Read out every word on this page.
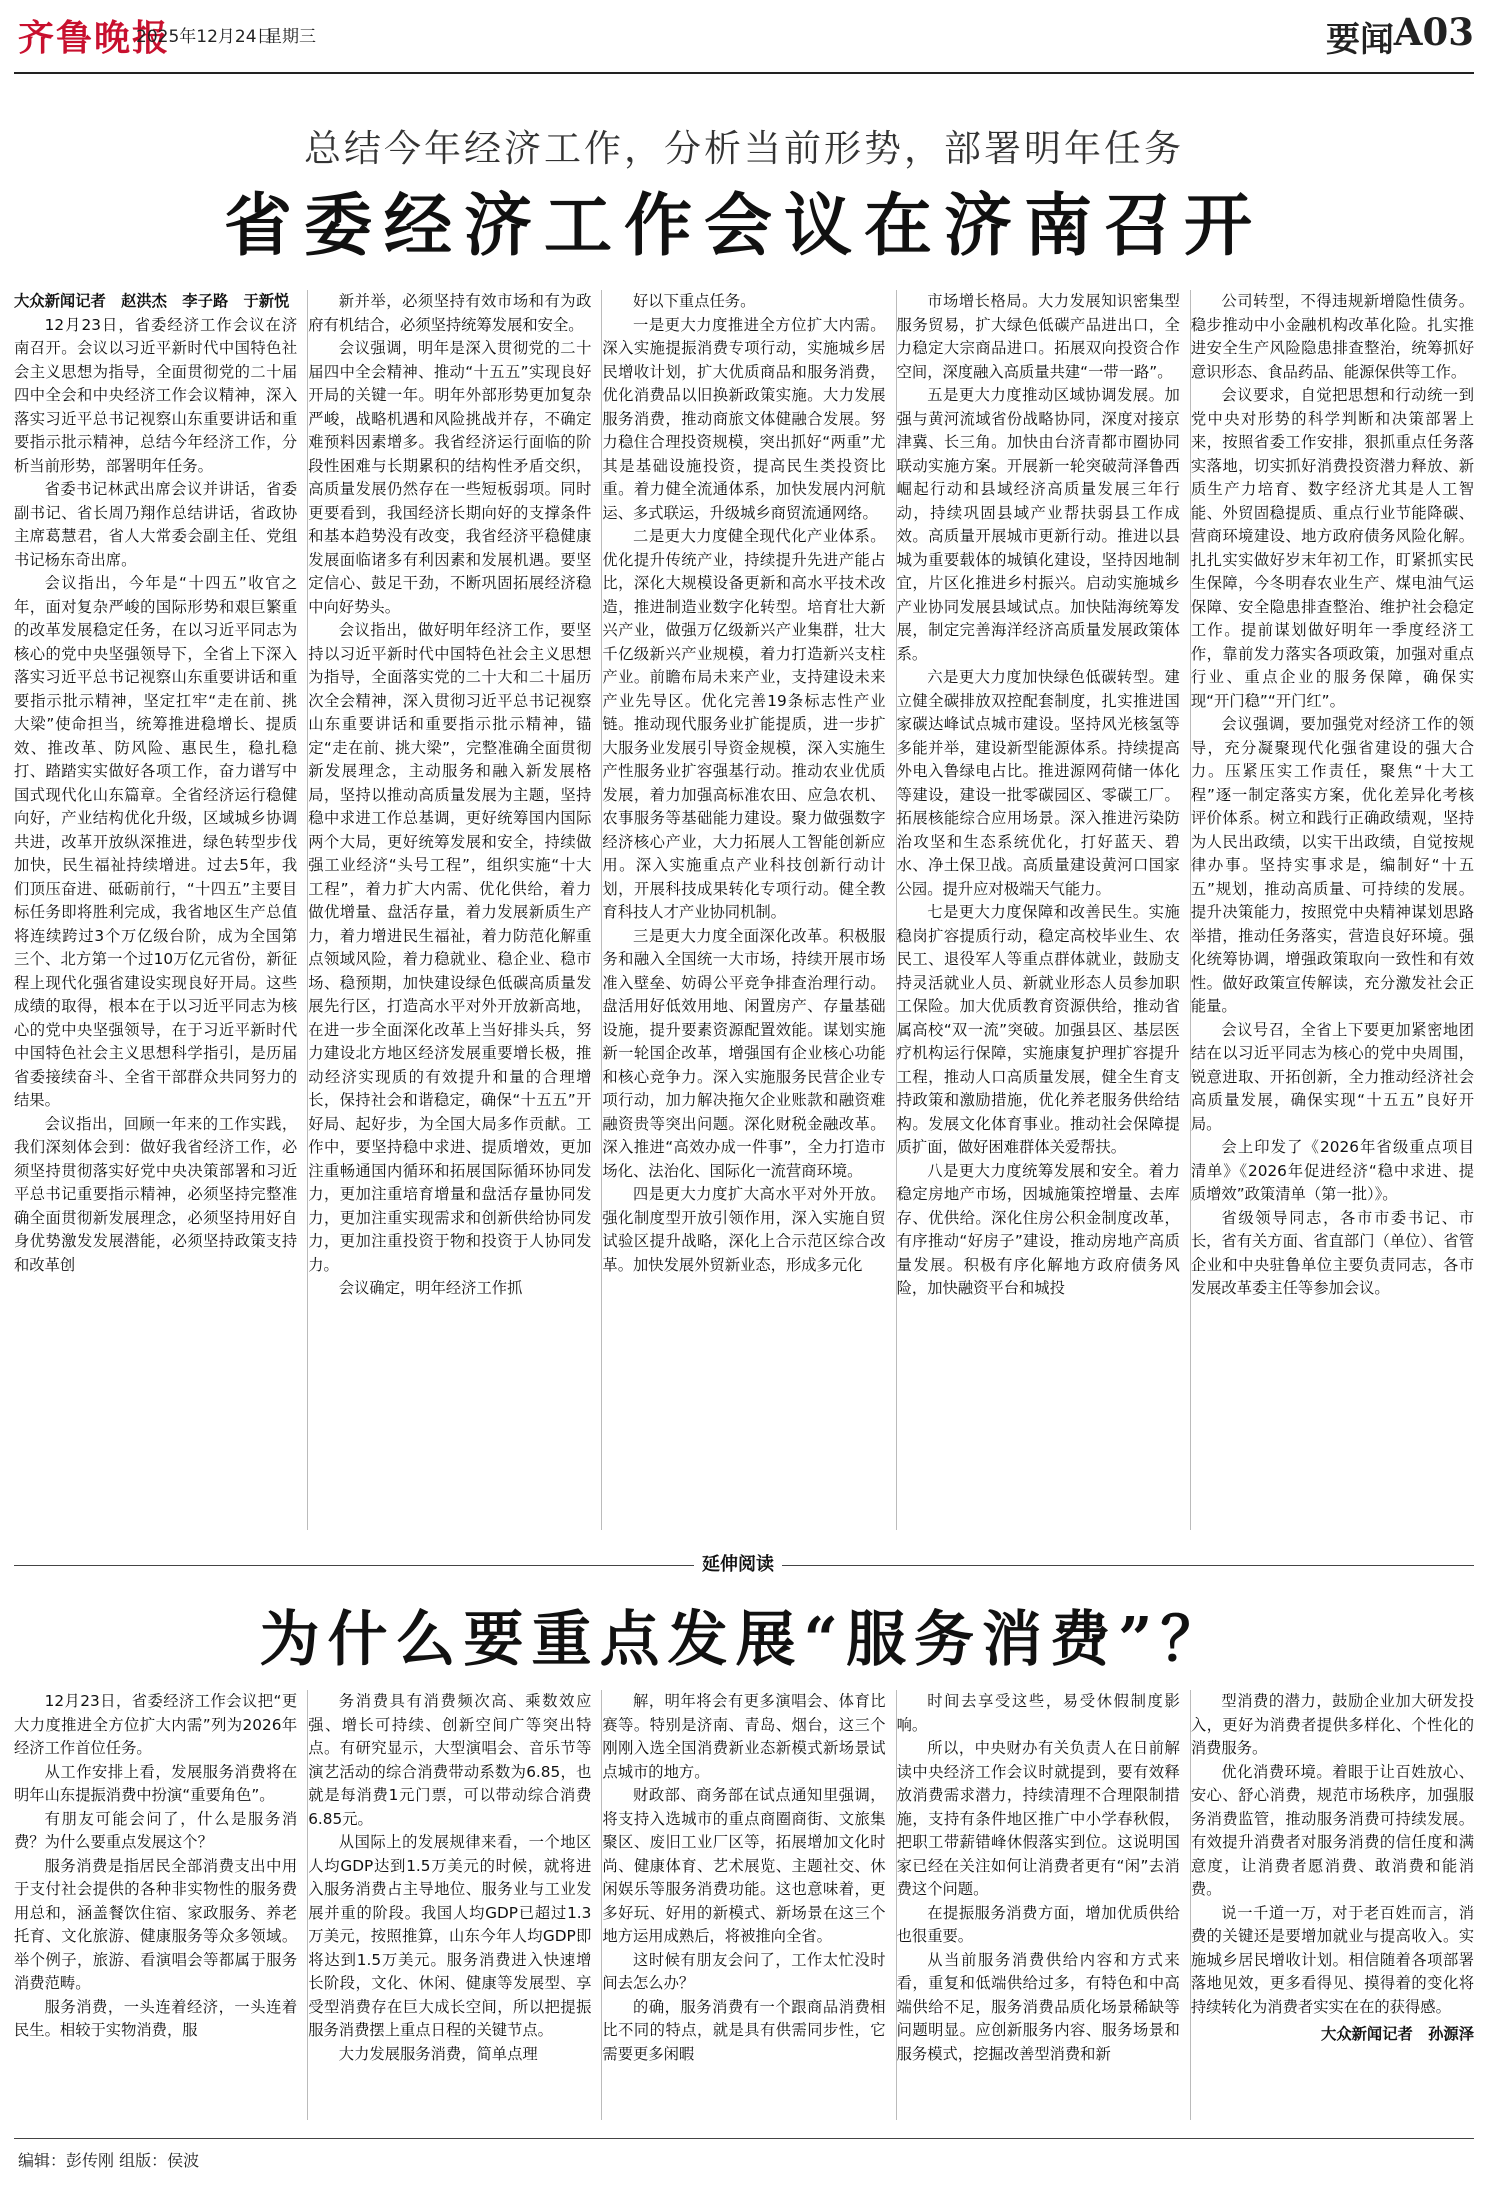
齐鲁晚报
2025年12月24日
星期三	要闻 A03
总结今年经济工作，分析当前形势，部署明年任务
省委经济工作会议在济南召开

大众新闻记者　赵洪杰　李子路　于新悦

12月23日，省委经济工作会议在济南召开。会议以习近平新时代中国特色社会主义思想为指导，全面贯彻党的二十届四中全会和中央经济工作会议精神，深入落实习近平总书记视察山东重要讲话和重要指示批示精神，总结今年经济工作，分析当前形势，部署明年任务。

省委书记林武出席会议并讲话，省委副书记、省长周乃翔作总结讲话，省政协主席葛慧君，省人大常委会副主任、党组书记杨东奇出席。

会议指出，今年是“十四五”收官之年，面对复杂严峻的国际形势和艰巨繁重的改革发展稳定任务，在以习近平同志为核心的党中央坚强领导下，全省上下深入落实习近平总书记视察山东重要讲话和重要指示批示精神，坚定扛牢“走在前、挑大梁”使命担当，统筹推进稳增长、提质效、推改革、防风险、惠民生，稳扎稳打、踏踏实实做好各项工作，奋力谱写中国式现代化山东篇章。全省经济运行稳健向好，产业结构优化升级，区域城乡协调共进，改革开放纵深推进，绿色转型步伐加快，民生福祉持续增进。过去5年，我们顶压奋进、砥砺前行，“十四五”主要目标任务即将胜利完成，我省地区生产总值将连续跨过3个万亿级台阶，成为全国第三个、北方第一个过10万亿元省份，新征程上现代化强省建设实现良好开局。这些成绩的取得，根本在于以习近平同志为核心的党中央坚强领导，在于习近平新时代中国特色社会主义思想科学指引，是历届省委接续奋斗、全省干部群众共同努力的结果。

会议指出，回顾一年来的工作实践，我们深刻体会到：做好我省经济工作，必须坚持贯彻落实好党中央决策部署和习近平总书记重要指示精神，必须坚持完整准确全面贯彻新发展理念，必须坚持用好自身优势激发发展潜能，必须坚持政策支持和改革创

新并举，必须坚持有效市场和有为政府有机结合，必须坚持统筹发展和安全。

会议强调，明年是深入贯彻党的二十届四中全会精神、推动“十五五”实现良好开局的关键一年。明年外部形势更加复杂严峻，战略机遇和风险挑战并存，不确定难预料因素增多。我省经济运行面临的阶段性困难与长期累积的结构性矛盾交织，高质量发展仍然存在一些短板弱项。同时更要看到，我国经济长期向好的支撑条件和基本趋势没有改变，我省经济平稳健康发展面临诸多有利因素和发展机遇。要坚定信心、鼓足干劲，不断巩固拓展经济稳中向好势头。

会议指出，做好明年经济工作，要坚持以习近平新时代中国特色社会主义思想为指导，全面落实党的二十大和二十届历次全会精神，深入贯彻习近平总书记视察山东重要讲话和重要指示批示精神，锚定“走在前、挑大梁”，完整准确全面贯彻新发展理念，主动服务和融入新发展格局，坚持以推动高质量发展为主题，坚持稳中求进工作总基调，更好统筹国内国际两个大局，更好统筹发展和安全，持续做强工业经济“头号工程”，组织实施“十大工程”，着力扩大内需、优化供给，着力做优增量、盘活存量，着力发展新质生产力，着力增进民生福祉，着力防范化解重点领域风险，着力稳就业、稳企业、稳市场、稳预期，加快建设绿色低碳高质量发展先行区，打造高水平对外开放新高地，在进一步全面深化改革上当好排头兵，努力建设北方地区经济发展重要增长极，推动经济实现质的有效提升和量的合理增长，保持社会和谐稳定，确保“十五五”开好局、起好步，为全国大局多作贡献。工作中，要坚持稳中求进、提质增效，更加注重畅通国内循环和拓展国际循环协同发力，更加注重培育增量和盘活存量协同发力，更加注重实现需求和创新供给协同发力，更加注重投资于物和投资于人协同发力。

会议确定，明年经济工作抓

好以下重点任务。

一是更大力度推进全方位扩大内需。深入实施提振消费专项行动，实施城乡居民增收计划，扩大优质商品和服务消费，优化消费品以旧换新政策实施。大力发展服务消费，推动商旅文体健融合发展。努力稳住合理投资规模，突出抓好“两重”尤其是基础设施投资，提高民生类投资比重。着力健全流通体系，加快发展内河航运、多式联运，升级城乡商贸流通网络。

二是更大力度健全现代化产业体系。优化提升传统产业，持续提升先进产能占比，深化大规模设备更新和高水平技术改造，推进制造业数字化转型。培育壮大新兴产业，做强万亿级新兴产业集群，壮大千亿级新兴产业规模，着力打造新兴支柱产业。前瞻布局未来产业，支持建设未来产业先导区。优化完善19条标志性产业链。推动现代服务业扩能提质，进一步扩大服务业发展引导资金规模，深入实施生产性服务业扩容强基行动。推动农业优质发展，着力加强高标准农田、应急农机、农事服务等基础能力建设。聚力做强数字经济核心产业，大力拓展人工智能创新应用。深入实施重点产业科技创新行动计划，开展科技成果转化专项行动。健全教育科技人才产业协同机制。

三是更大力度全面深化改革。积极服务和融入全国统一大市场，持续开展市场准入壁垒、妨碍公平竞争排查治理行动。盘活用好低效用地、闲置房产、存量基础设施，提升要素资源配置效能。谋划实施新一轮国企改革，增强国有企业核心功能和核心竞争力。深入实施服务民营企业专项行动，加力解决拖欠企业账款和融资难融资贵等突出问题。深化财税金融改革。深入推进“高效办成一件事”，全力打造市场化、法治化、国际化一流营商环境。

四是更大力度扩大高水平对外开放。强化制度型开放引领作用，深入实施自贸试验区提升战略，深化上合示范区综合改革。加快发展外贸新业态，形成多元化

市场增长格局。大力发展知识密集型服务贸易，扩大绿色低碳产品进出口，全力稳定大宗商品进口。拓展双向投资合作空间，深度融入高质量共建“一带一路”。

五是更大力度推动区域协调发展。加强与黄河流域省份战略协同，深度对接京津冀、长三角。加快由台济青都市圈协同联动实施方案。开展新一轮突破菏泽鲁西崛起行动和县域经济高质量发展三年行动，持续巩固县域产业帮扶弱县工作成效。高质量开展城市更新行动。推进以县城为重要载体的城镇化建设，坚持因地制宜，片区化推进乡村振兴。启动实施城乡产业协同发展县域试点。加快陆海统筹发展，制定完善海洋经济高质量发展政策体系。

六是更大力度加快绿色低碳转型。建立健全碳排放双控配套制度，扎实推进国家碳达峰试点城市建设。坚持风光核氢等多能并举，建设新型能源体系。持续提高外电入鲁绿电占比。推进源网荷储一体化等建设，建设一批零碳园区、零碳工厂。拓展核能综合应用场景。深入推进污染防治攻坚和生态系统优化，打好蓝天、碧水、净土保卫战。高质量建设黄河口国家公园。提升应对极端天气能力。

七是更大力度保障和改善民生。实施稳岗扩容提质行动，稳定高校毕业生、农民工、退役军人等重点群体就业，鼓励支持灵活就业人员、新就业形态人员参加职工保险。加大优质教育资源供给，推动省属高校“双一流”突破。加强县区、基层医疗机构运行保障，实施康复护理扩容提升工程，推动人口高质量发展，健全生育支持政策和激励措施，优化养老服务供给结构。发展文化体育事业。推动社会保障提质扩面，做好困难群体关爱帮扶。

八是更大力度统筹发展和安全。着力稳定房地产市场，因城施策控增量、去库存、优供给。深化住房公积金制度改革，有序推动“好房子”建设，推动房地产高质量发展。积极有序化解地方政府债务风险，加快融资平台和城投

公司转型，不得违规新增隐性债务。稳步推动中小金融机构改革化险。扎实推进安全生产风险隐患排查整治，统筹抓好意识形态、食品药品、能源保供等工作。

会议要求，自觉把思想和行动统一到党中央对形势的科学判断和决策部署上来，按照省委工作安排，狠抓重点任务落实落地，切实抓好消费投资潜力释放、新质生产力培育、数字经济尤其是人工智能、外贸固稳提质、重点行业节能降碳、营商环境建设、地方政府债务风险化解。扎扎实实做好岁末年初工作，盯紧抓实民生保障，今冬明春农业生产、煤电油气运保障、安全隐患排查整治、维护社会稳定工作。提前谋划做好明年一季度经济工作，靠前发力落实各项政策，加强对重点行业、重点企业的服务保障，确保实现“开门稳”“开门红”。

会议强调，要加强党对经济工作的领导，充分凝聚现代化强省建设的强大合力。压紧压实工作责任，聚焦“十大工程”逐一制定落实方案，优化差异化考核评价体系。树立和践行正确政绩观，坚持为人民出政绩，以实干出政绩，自觉按规律办事。坚持实事求是，编制好“十五五”规划，推动高质量、可持续的发展。提升决策能力，按照党中央精神谋划思路举措，推动任务落实，营造良好环境。强化统筹协调，增强政策取向一致性和有效性。做好政策宣传解读，充分激发社会正能量。

会议号召，全省上下要更加紧密地团结在以习近平同志为核心的党中央周围，锐意进取、开拓创新，全力推动经济社会高质量发展，确保实现“十五五”良好开局。

会上印发了《2026年省级重点项目清单》《2026年促进经济“稳中求进、提质增效”政策清单（第一批）》。

省级领导同志，各市市委书记、市长，省有关方面、省直部门（单位）、省管企业和中央驻鲁单位主要负责同志，各市发展改革委主任等参加会议。

延伸阅读
为什么要重点发展“服务消费”？

12月23日，省委经济工作会议把“更大力度推进全方位扩大内需”列为2026年经济工作首位任务。

从工作安排上看，发展服务消费将在明年山东提振消费中扮演“重要角色”。

有朋友可能会问了，什么是服务消费？为什么要重点发展这个？

服务消费是指居民全部消费支出中用于支付社会提供的各种非实物性的服务费用总和，涵盖餐饮住宿、家政服务、养老托育、文化旅游、健康服务等众多领域。举个例子，旅游、看演唱会等都属于服务消费范畴。

服务消费，一头连着经济，一头连着民生。相较于实物消费，服

务消费具有消费频次高、乘数效应强、增长可持续、创新空间广等突出特点。有研究显示，大型演唱会、音乐节等演艺活动的综合消费带动系数为6.85，也就是每消费1元门票，可以带动综合消费6.85元。

从国际上的发展规律来看，一个地区人均GDP达到1.5万美元的时候，就将进入服务消费占主导地位、服务业与工业发展并重的阶段。我国人均GDP已超过1.3万美元，按照推算，山东今年人均GDP即将达到1.5万美元。服务消费进入快速增长阶段，文化、休闲、健康等发展型、享受型消费存在巨大成长空间，所以把提振服务消费摆上重点日程的关键节点。

大力发展服务消费，简单点理

解，明年将会有更多演唱会、体育比赛等。特别是济南、青岛、烟台，这三个刚刚入选全国消费新业态新模式新场景试点城市的地方。

财政部、商务部在试点通知里强调，将支持入选城市的重点商圈商街、文旅集聚区、废旧工业厂区等，拓展增加文化时尚、健康体育、艺术展览、主题社交、休闲娱乐等服务消费功能。这也意味着，更多好玩、好用的新模式、新场景在这三个地方运用成熟后，将被推向全省。

这时候有朋友会问了，工作太忙没时间去怎么办？

的确，服务消费有一个跟商品消费相比不同的特点，就是具有供需同步性，它需要更多闲暇

时间去享受这些，易受休假制度影响。

所以，中央财办有关负责人在日前解读中央经济工作会议时就提到，要有效释放消费需求潜力，持续清理不合理限制措施，支持有条件地区推广中小学春秋假，把职工带薪错峰休假落实到位。这说明国家已经在关注如何让消费者更有“闲”去消费这个问题。

在提振服务消费方面，增加优质供给也很重要。

从当前服务消费供给内容和方式来看，重复和低端供给过多，有特色和中高端供给不足，服务消费品质化场景稀缺等问题明显。应创新服务内容、服务场景和服务模式，挖掘改善型消费和新

型消费的潜力，鼓励企业加大研发投入，更好为消费者提供多样化、个性化的消费服务。

优化消费环境。着眼于让百姓放心、安心、舒心消费，规范市场秩序，加强服务消费监管，推动服务消费可持续发展。有效提升消费者对服务消费的信任度和满意度，让消费者愿消费、敢消费和能消费。

说一千道一万，对于老百姓而言，消费的关键还是要增加就业与提高收入。实施城乡居民增收计划。相信随着各项部署落地见效，更多看得见、摸得着的变化将持续转化为消费者实实在在的获得感。

大众新闻记者　孙源泽

编辑：彭传刚 组版：侯波
